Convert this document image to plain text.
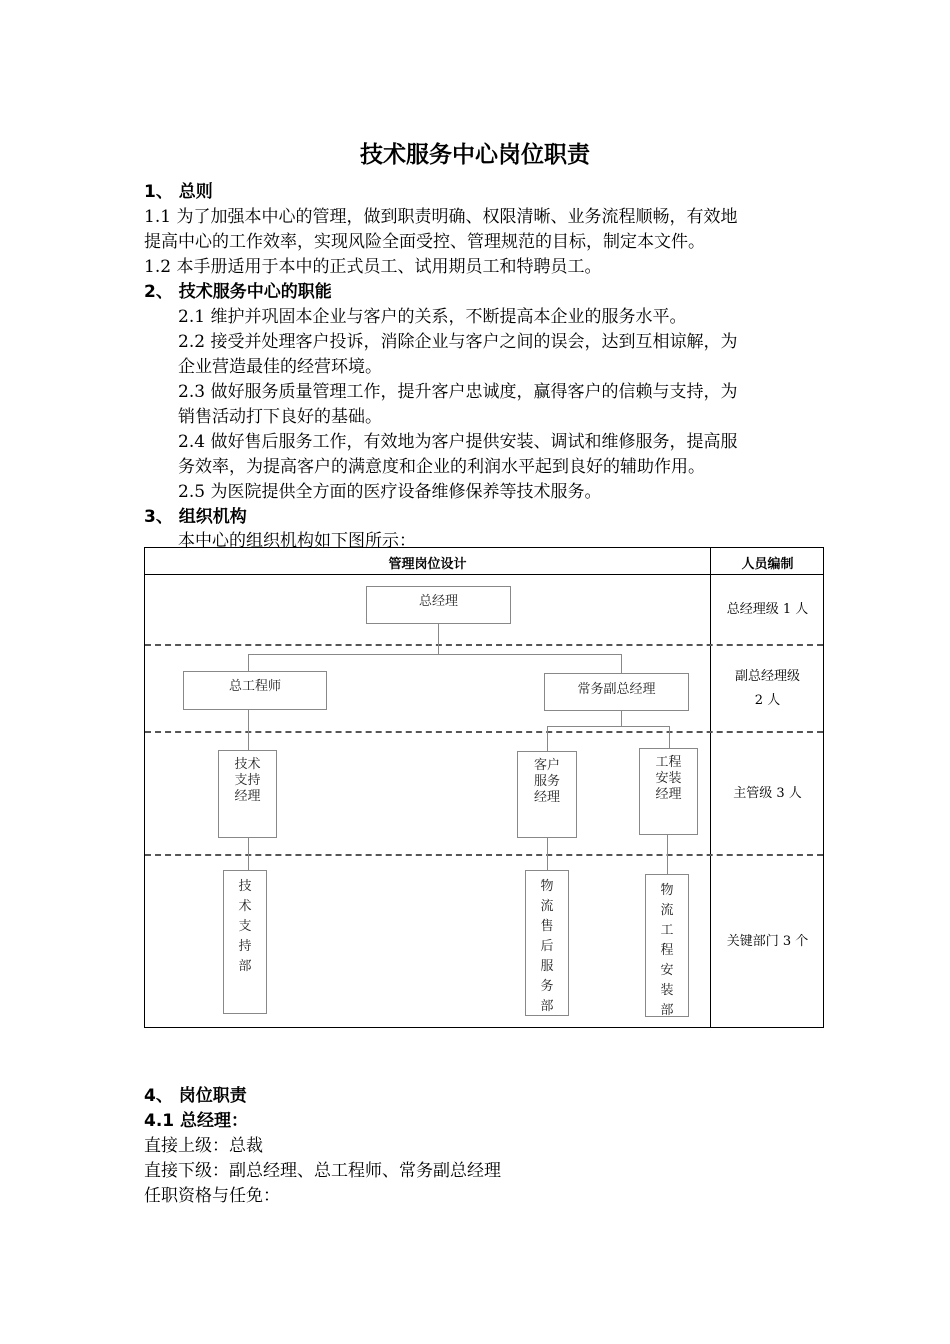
技术服务中心岗位职责
1、 总则
1.1 为了加强本中心的管理，做到职责明确、权限清晰、业务流程顺畅，有效地
提高中心的工作效率，实现风险全面受控、管理规范的目标，制定本文件。
1.2 本手册适用于本中的正式员工、试用期员工和特聘员工。
2、 技术服务中心的职能
2.1 维护并巩固本企业与客户的关系，不断提高本企业的服务水平。
2.2 接受并处理客户投诉，消除企业与客户之间的误会，达到互相谅解，为
企业营造最佳的经营环境。
2.3 做好服务质量管理工作，提升客户忠诚度，赢得客户的信赖与支持，为
销售活动打下良好的基础。
2.4 做好售后服务工作，有效地为客户提供安装、调试和维修服务，提高服
务效率，为提高客户的满意度和企业的利润水平起到良好的辅助作用。
2.5 为医院提供全方面的医疗设备维修保养等技术服务。
3、 组织机构
本中心的组织机构如下图所示：
管理岗位设计	人员编制
总经理级 1 人
副总经理级
2 人
主管级 3 人
关键部门 3 个
总经理
总工程师	常务副总经理
技术
支持
经理
客户
服务
经理
工程
安装
经理
技
术
支
持
部
物
流
售
后
服
务
部
物
流
工
程
安
装
部
4、 岗位职责
4.1 总经理：
直接上级：总裁
直接下级：副总经理、总工程师、常务副总经理
任职资格与任免：
